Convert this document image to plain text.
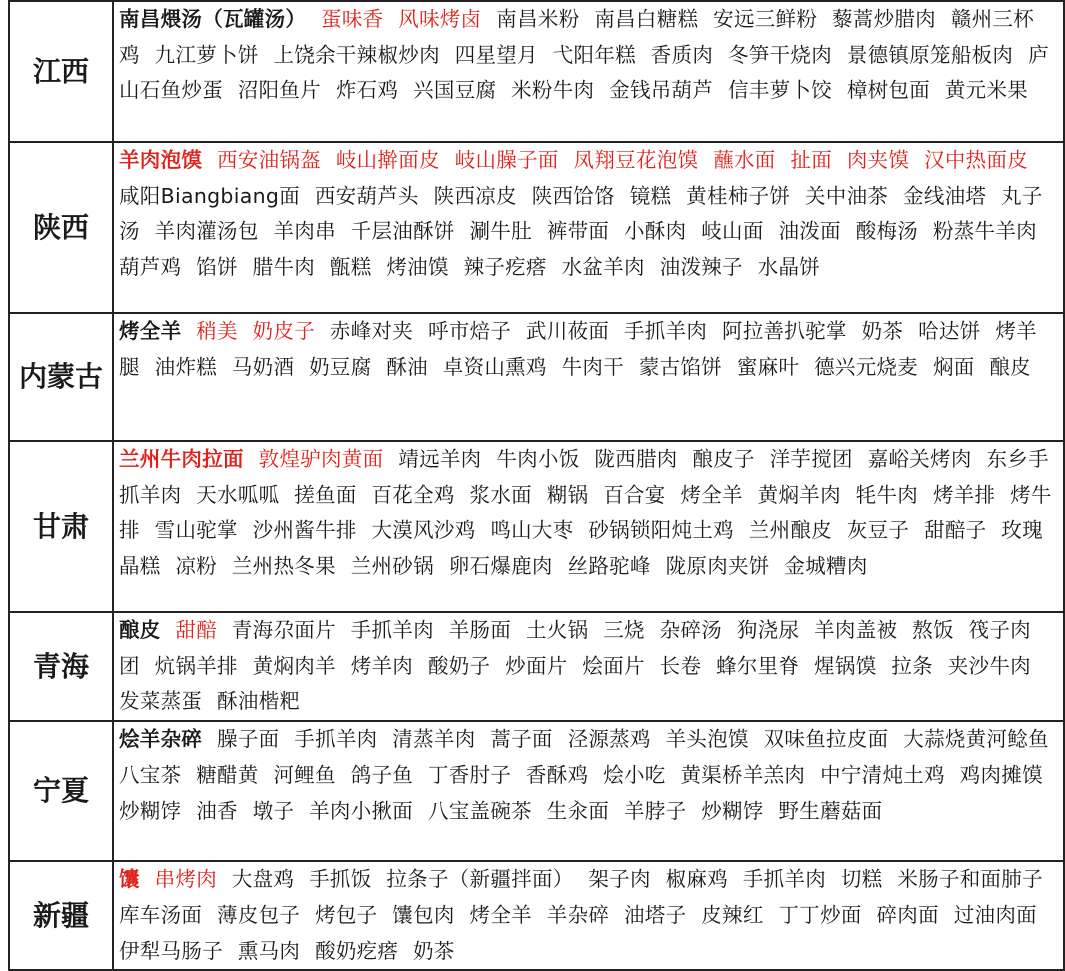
江西	南昌煨汤（瓦罐汤） 蛋味香 风味烤卤 南昌米粉 南昌白糖糕 安远三鲜粉 藜蒿炒腊肉 赣州三杯鸡 九江萝卜饼 上饶余干辣椒炒肉 四星望月 弋阳年糕 香质肉 冬笋干烧肉 景德镇原笼船板肉 庐山石鱼炒蛋 沼阳鱼片 炸石鸡 兴国豆腐 米粉牛肉 金钱吊葫芦 信丰萝卜饺 樟树包面 黄元米果
陕西	羊肉泡馍 西安油锅盔 岐山擀面皮 岐山臊子面 凤翔豆花泡馍 蘸水面 扯面 肉夹馍 汉中热面皮 咸阳Biangbiang面 西安葫芦头 陕西凉皮 陕西饸饹 镜糕 黄桂柿子饼 关中油茶 金线油塔 丸子汤 羊肉灌汤包 羊肉串 千层油酥饼 涮牛肚 裤带面 小酥肉 岐山面 油泼面 酸梅汤 粉蒸牛羊肉 葫芦鸡 馅饼 腊牛肉 甑糕 烤油馍 辣子疙瘩 水盆羊肉 油泼辣子 水晶饼
内蒙古	烤全羊 稍美 奶皮子 赤峰对夹 呼市焙子 武川莜面 手抓羊肉 阿拉善扒驼掌 奶茶 哈达饼 烤羊腿 油炸糕 马奶酒 奶豆腐 酥油 卓资山熏鸡 牛肉干 蒙古馅饼 蜜麻叶 德兴元烧麦 焖面 酿皮
甘肃	兰州牛肉拉面 敦煌驴肉黄面 靖远羊肉 牛肉小饭 陇西腊肉 酿皮子 洋芋搅团 嘉峪关烤肉 东乡手抓羊肉 天水呱呱 搓鱼面 百花全鸡 浆水面 糊锅 百合宴 烤全羊 黄焖羊肉 牦牛肉 烤羊排 烤牛排 雪山驼掌 沙州酱牛排 大漠风沙鸡 鸣山大枣 砂锅锁阳炖土鸡 兰州酿皮 灰豆子 甜醅子 玫瑰晶糕 凉粉 兰州热冬果 兰州砂锅 卵石爆鹿肉 丝路驼峰 陇原肉夹饼 金城糟肉
青海	酿皮 甜醅 青海尕面片 手抓羊肉 羊肠面 土火锅 三烧 杂碎汤 狗浇尿 羊肉盖被 熬饭 筏子肉团 炕锅羊排 黄焖肉羊 烤羊肉 酸奶子 炒面片 烩面片 长卷 蜂尔里脊 煋锅馍 拉条 夹沙牛肉 发菜蒸蛋 酥油楷粑
宁夏	烩羊杂碎 臊子面 手抓羊肉 清蒸羊肉 蒿子面 泾源蒸鸡 羊头泡馍 双味鱼拉皮面 大蒜烧黄河鲶鱼 八宝茶 糖醋黄 河鲤鱼 鸽子鱼 丁香肘子 香酥鸡 烩小吃 黄渠桥羊羔肉 中宁清炖土鸡 鸡肉摊馍 炒糊饽 油香 墩子 羊肉小揪面 八宝盖碗茶 生汆面 羊脖子 炒糊饽 野生蘑菇面
新疆	馕 串烤肉 大盘鸡 手抓饭 拉条子（新疆拌面） 架子肉 椒麻鸡 手抓羊肉 切糕 米肠子和面肺子 库车汤面 薄皮包子 烤包子 馕包肉 烤全羊 羊杂碎 油塔子 皮辣红 丁丁炒面 碎肉面 过油肉面 伊犁马肠子 熏马肉 酸奶疙瘩 奶茶
